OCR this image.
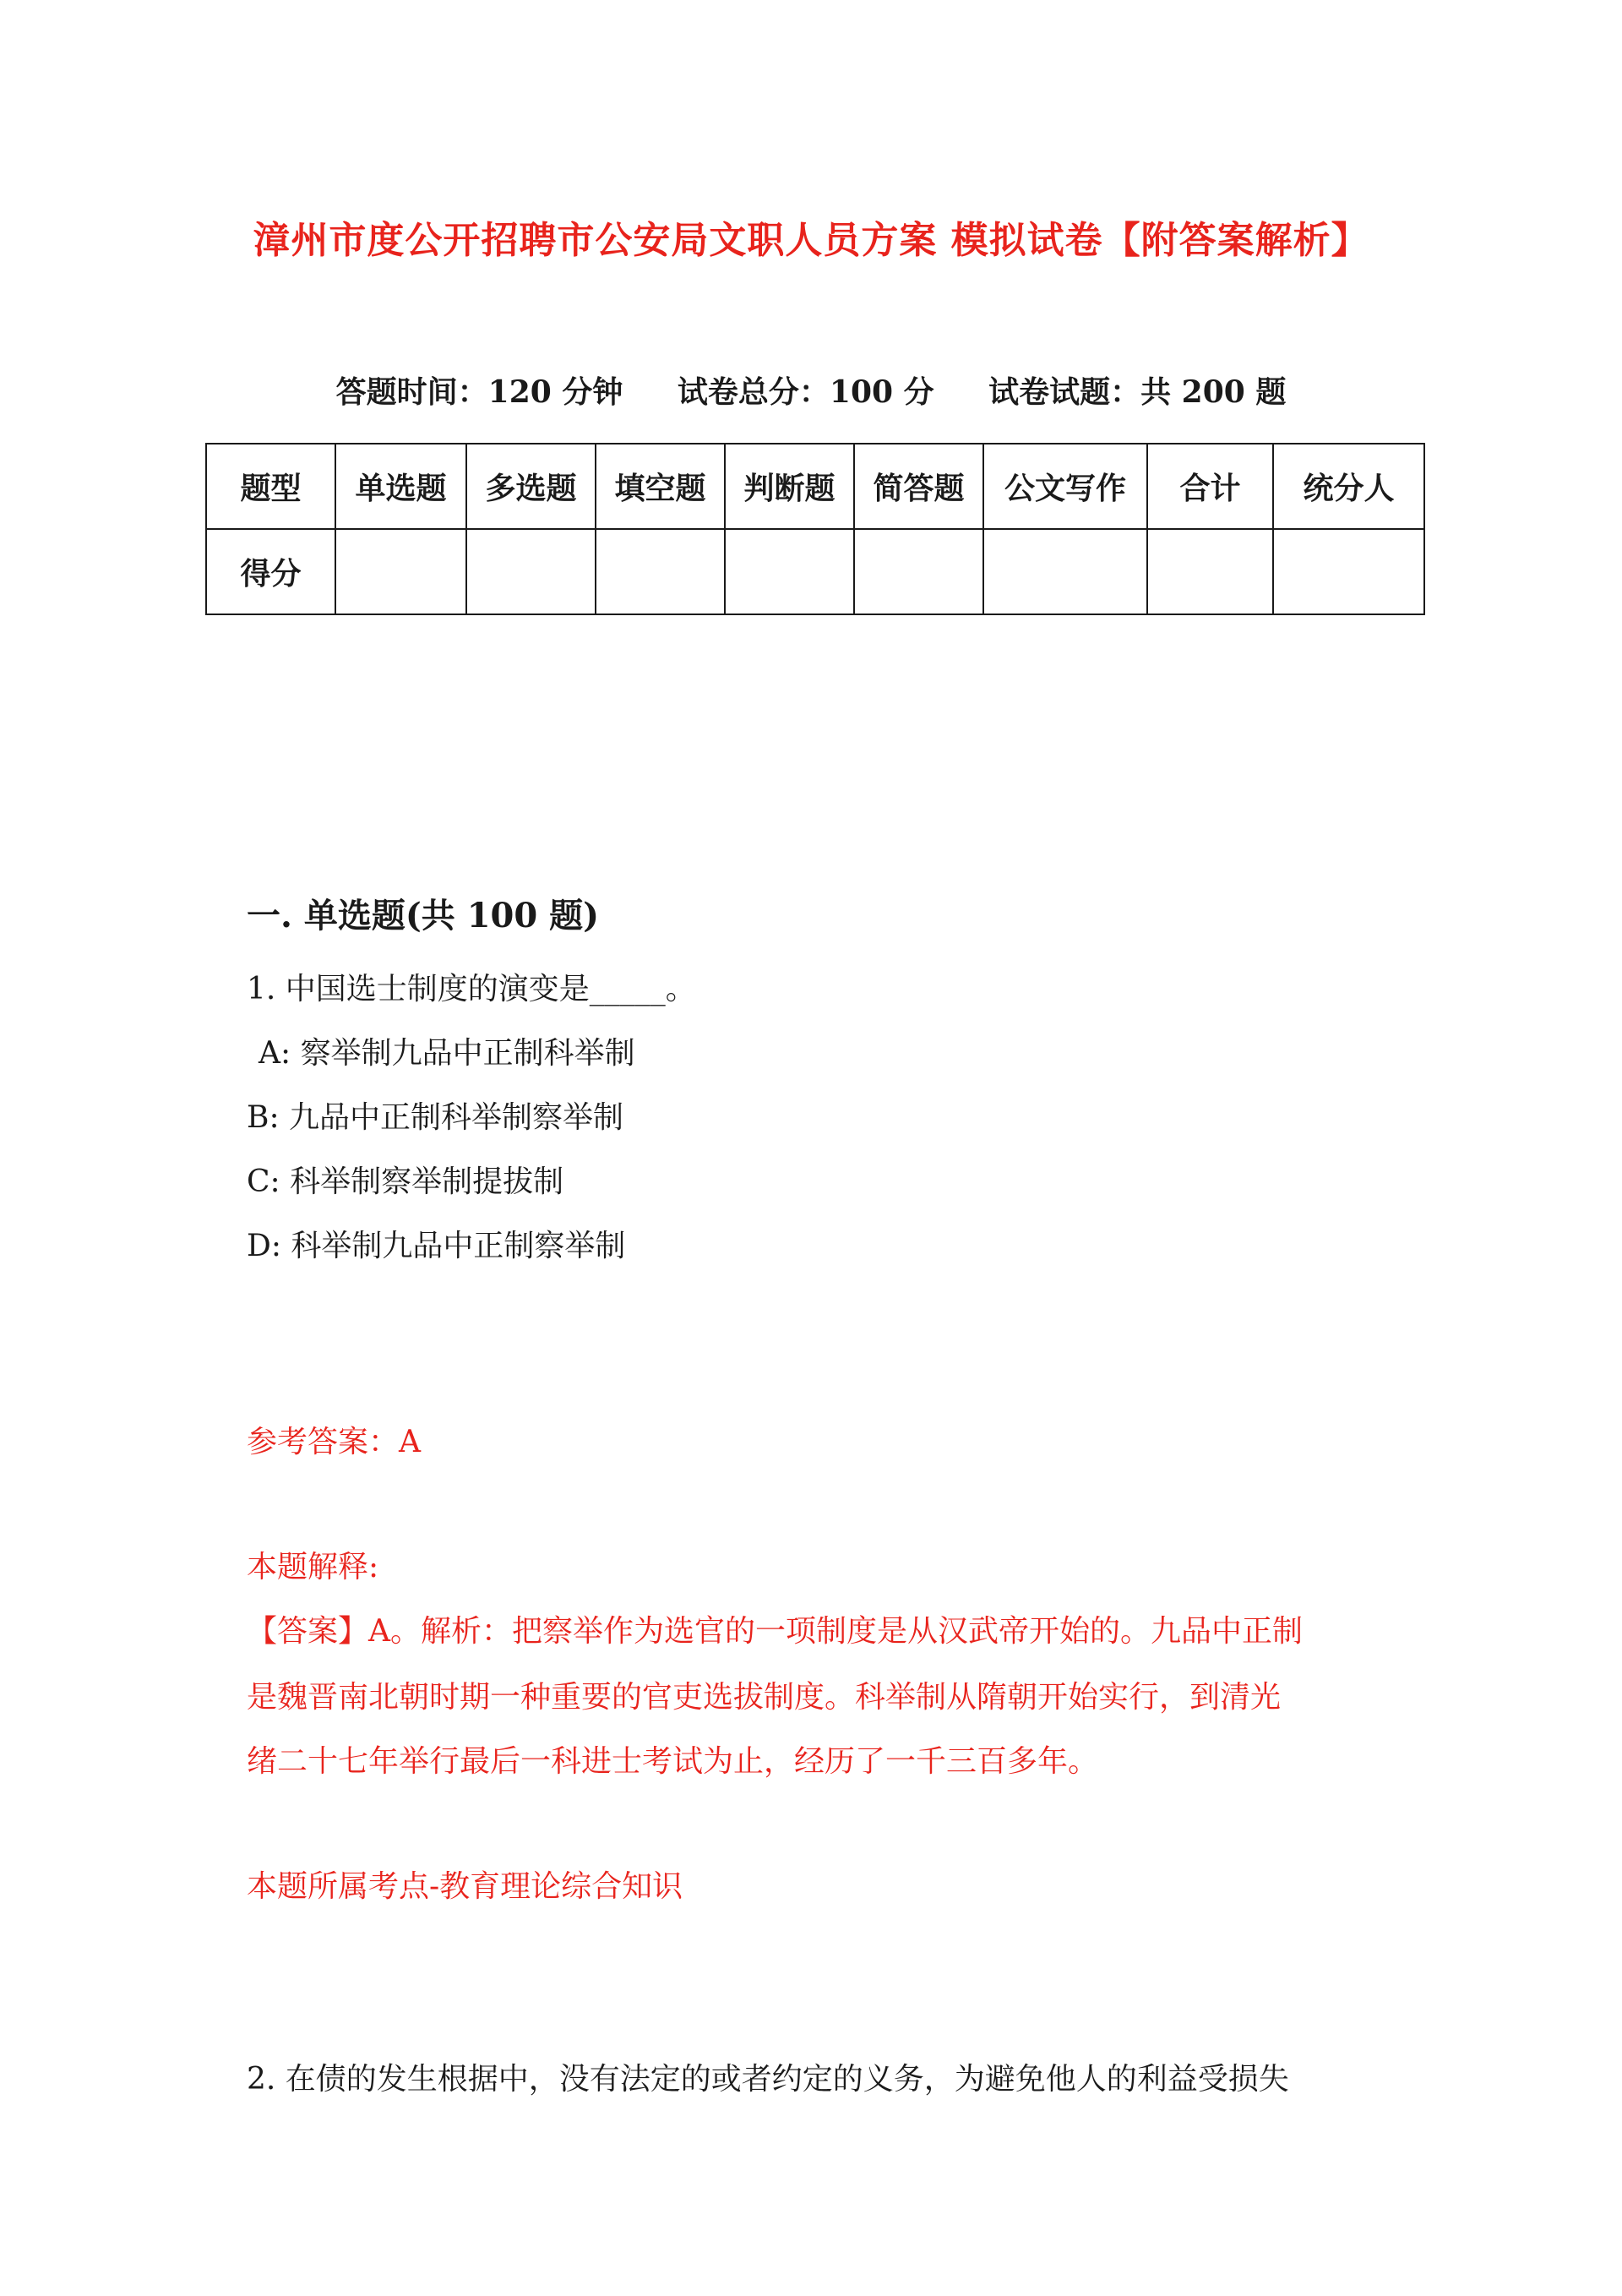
漳州市度公开招聘市公安局文职人员方案 模拟试卷【附答案解析】
答题时间：120 分钟 试卷总分：100 分 试卷试题：共 200 题
题型	单选题	多选题	填空题	判断题	简答题	公文写作	合计	统分人
得分								
一. 单选题(共 100 题)
1. 中国选士制度的演变是_____。
A: 察举制九品中正制科举制
B: 九品中正制科举制察举制
C: 科举制察举制提拔制
D: 科举制九品中正制察举制
参考答案：A
本题解释:
【答案】A。解析：把察举作为选官的一项制度是从汉武帝开始的。九品中正制
是魏晋南北朝时期一种重要的官吏选拔制度。科举制从隋朝开始实行，到清光
绪二十七年举行最后一科进士考试为止，经历了一千三百多年。
本题所属考点-教育理论综合知识
2. 在债的发生根据中，没有法定的或者约定的义务，为避免他人的利益受损失
